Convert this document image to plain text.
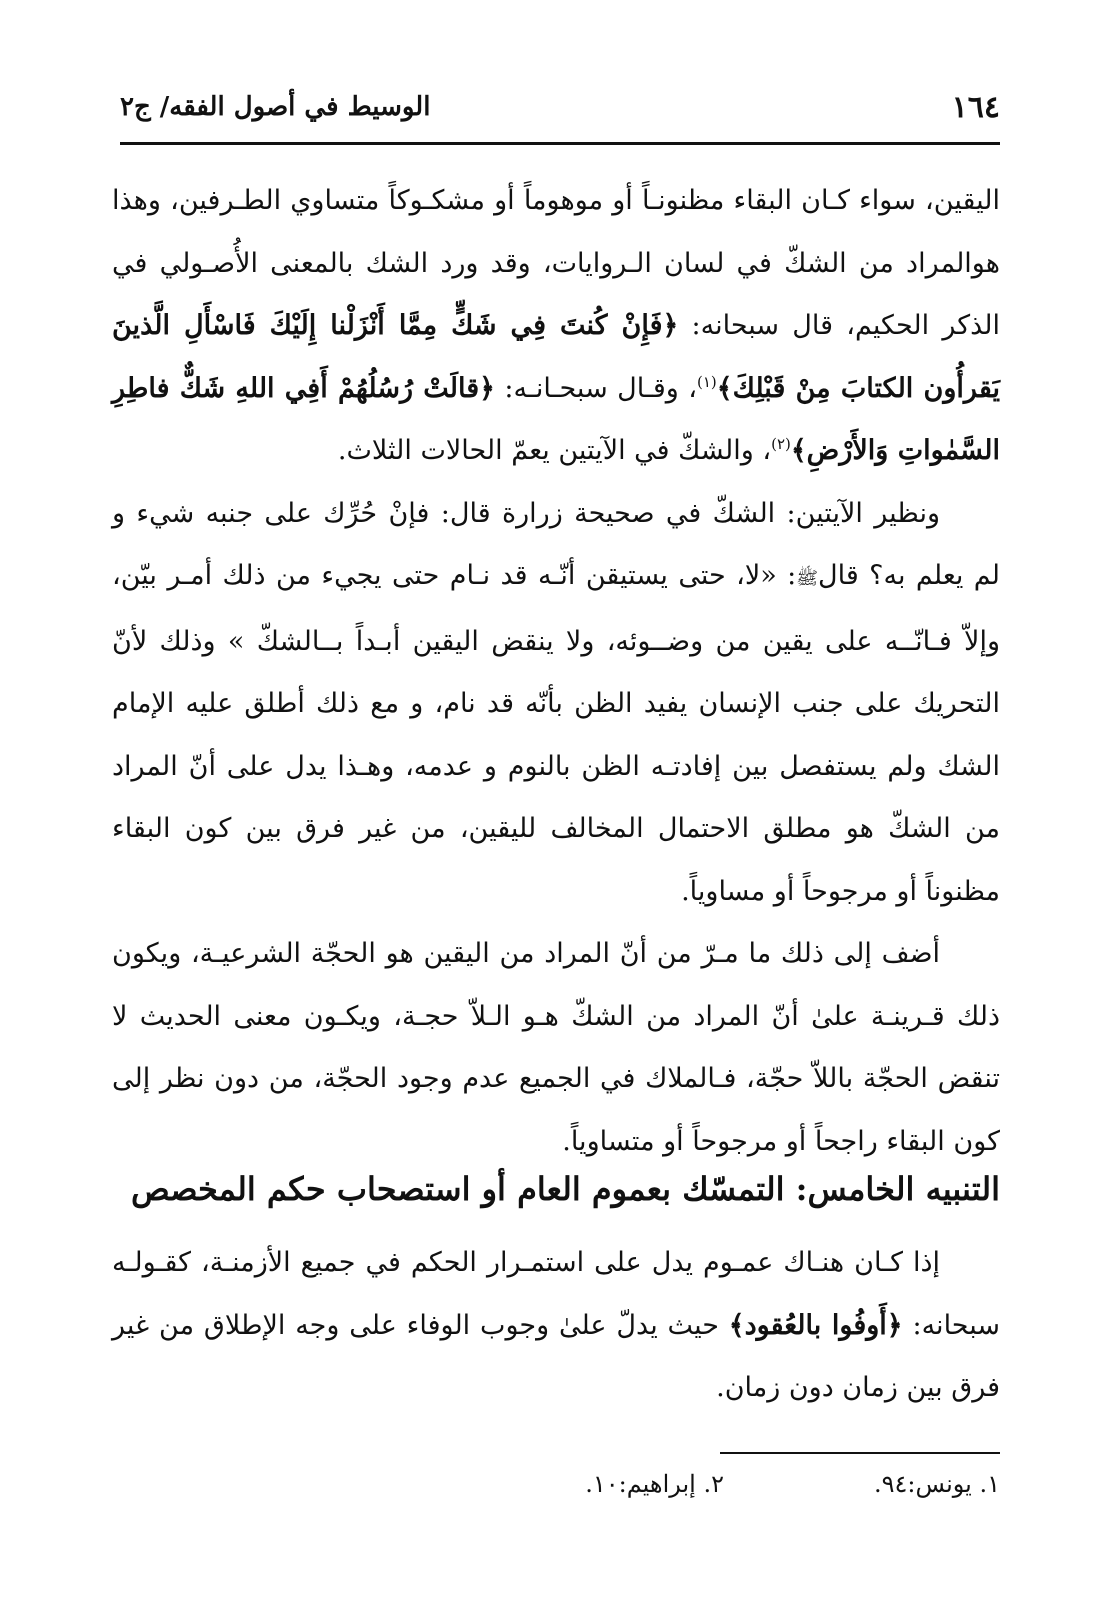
١٦٤
الوسيط في أصول الفقه/ ج٢

اليقين، سواء كـان البقاء مظنونـاً أو موهوماً أو مشكـوكاً متساوي الطـرفين، وهذا هوالمراد من الشكّ في لسان الـروايات، وقد ورد الشك بالمعنى الأُصـولي في الذكر الحكيم، قال سبحانه: ﴿فَإِنْ كُنتَ فِي شَكٍّ مِمَّا أَنْزَلْنا إِلَيْكَ فَاسْأَلِ الَّذينَ يَقرأُون الكتابَ مِنْ قَبْلِكَ﴾$^{(١)}$، وقـال سبحـانـه: ﴿قالَتْ رُسُلُهُمْ أَفِي اللهِ شَكٌّ فاطِرِ السَّمٰواتِ وَالأَرْضِ﴾$^{(٢)}$، والشكّ في الآيتين يعمّ الحالات الثلاث.

ونظير الآيتين: الشكّ في صحيحة زرارة قال: فإنْ حُرِّك على جنبه شيء و لم يعلم به؟ قالﷺ: «لا، حتى يستيقن أنّـه قد نـام حتى يجيء من ذلك أمـر بيّن، وإلاّ فـانّــه على يقين من وضــوئه، ولا ينقض اليقين أبـداً بــالشكّ » وذلك لأنّ التحريك على جنب الإنسان يفيد الظن بأنّه قد نام، و مع ذلك أطلق عليه الإمام الشك ولم يستفصل بين إفادتـه الظن بالنوم و عدمه، وهـذا يدل على أنّ المراد من الشكّ هو مطلق الاحتمال المخالف لليقين، من غير فرق بين كون البقاء مظنوناً أو مرجوحاً أو مساوياً.

أضف إلى ذلك ما مـرّ من أنّ المراد من اليقين هو الحجّة الشرعيـة، ويكون ذلك قـرينـة علىٰ أنّ المراد من الشكّ هـو الـلاّ حجـة، ويكـون معنى الحديث لا تنقض الحجّة باللاّ حجّة، فـالملاك في الجميع عدم وجود الحجّة، من دون نظر إلى كون البقاء راجحاً أو مرجوحاً أو متساوياً.

التنبيه الخامس: التمسّك بعموم العام أو استصحاب حكم المخصص

إذا كـان هنـاك عمـوم يدل على استمـرار الحكم في جميع الأزمنـة، كقـولـه سبحانه: ﴿أَوفُوا بالعُقود﴾ حيث يدلّ علىٰ وجوب الوفاء على وجه الإطلاق من غير فرق بين زمان دون زمان.

١. يونس:٩٤.
٢. إبراهيم:١٠.
